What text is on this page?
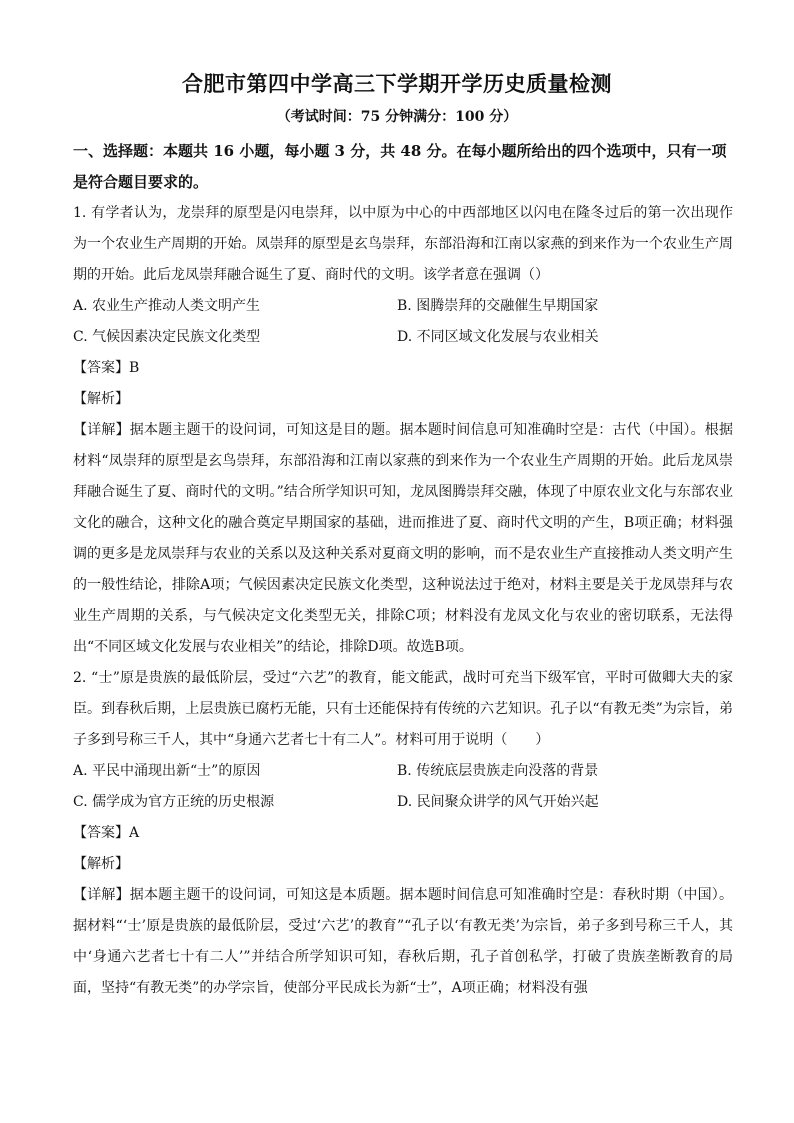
合肥市第四中学高三下学期开学历史质量检测
（考试时间：75 分钟满分：100 分）

一、选择题：本题共 16 小题，每小题 3 分，共 48 分。在每小题所给出的四个选项中，只有一项是符合题目要求的。

1. 有学者认为，龙崇拜的原型是闪电崇拜，以中原为中心的中西部地区以闪电在隆冬过后的第一次出现作为一个农业生产周期的开始。凤崇拜的原型是玄鸟崇拜，东部沿海和江南以家燕的到来作为一个农业生产周期的开始。此后龙凤崇拜融合诞生了夏、商时代的文明。该学者意在强调（）

A. 农业生产推动人类文明产生	B. 图腾崇拜的交融催生早期国家
C. 气候因素决定民族文化类型	D. 不同区域文化发展与农业相关

【答案】B

【解析】

【详解】据本题主题干的设问词，可知这是目的题。据本题时间信息可知准确时空是：古代（中国）。根据材料“凤崇拜的原型是玄鸟崇拜，东部沿海和江南以家燕的到来作为一个农业生产周期的开始。此后龙凤崇拜融合诞生了夏、商时代的文明。”结合所学知识可知，龙凤图腾崇拜交融，体现了中原农业文化与东部农业文化的融合，这种文化的融合奠定早期国家的基础，进而推进了夏、商时代文明的产生，B项正确；材料强调的更多是龙凤崇拜与农业的关系以及这种关系对夏商文明的影响，而不是农业生产直接推动人类文明产生的一般性结论，排除A项；气候因素决定民族文化类型，这种说法过于绝对，材料主要是关于龙凤崇拜与农业生产周期的关系，与气候决定文化类型无关，排除C项；材料没有龙凤文化与农业的密切联系，无法得出“不同区域文化发展与农业相关”的结论，排除D项。故选B项。

2. “士”原是贵族的最低阶层，受过“六艺”的教育，能文能武，战时可充当下级军官，平时可做卿大夫的家臣。到春秋后期，上层贵族已腐朽无能，只有士还能保持有传统的六艺知识。孔子以“有教无类”为宗旨，弟子多到号称三千人，其中“身通六艺者七十有二人”。材料可用于说明（　　）

A. 平民中涌现出新“士”的原因	B. 传统底层贵族走向没落的背景
C. 儒学成为官方正统的历史根源	D. 民间聚众讲学的风气开始兴起

【答案】A

【解析】

【详解】据本题主题干的设问词，可知这是本质题。据本题时间信息可知准确时空是：春秋时期（中国）。据材料“‘士’原是贵族的最低阶层，受过‘六艺’的教育”“孔子以‘有教无类’为宗旨，弟子多到号称三千人，其中‘身通六艺者七十有二人’”并结合所学知识可知，春秋后期，孔子首创私学，打破了贵族垄断教育的局面，坚持“有教无类”的办学宗旨，使部分平民成长为新“士”，A项正确；材料没有强
